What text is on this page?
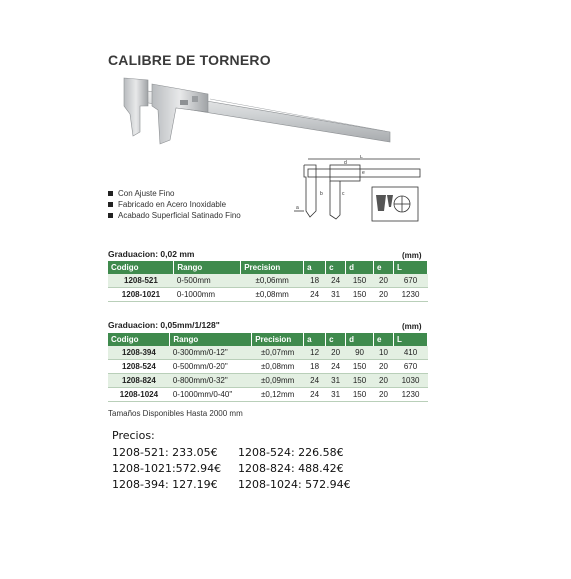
CALIBRE DE TORNERO
L
a
b	c
d
e
Con Ajuste Fino
Fabricado en Acero Inoxidable
Acabado Superficial Satinado Fino
Graduacion: 0,02 mm	(mm)
Codigo	Rango	Precision	a	c	d	e	L
1208-521	0-500mm	±0,06mm	18	24	150	20	670
1208-1021	0-1000mm	±0,08mm	24	31	150	20	1230
Graduacion: 0,05mm/1/128"	(mm)
Codigo	Rango	Precision	a	c	d	e	L
1208-394	0-300mm/0-12"	±0,07mm	12	20	90	10	410
1208-524	0-500mm/0-20"	±0,08mm	18	24	150	20	670
1208-824	0-800mm/0-32"	±0,09mm	24	31	150	20	1030
1208-1024	0-1000mm/0-40"	±0,12mm	24	31	150	20	1230
Tamaños Disponibles Hasta 2000 mm
Precios:
1208-521: 233.05€ 1208-524: 226.58€
1208-1021:572.94€ 1208-824: 488.42€
1208-394: 127.19€ 1208-1024: 572.94€
